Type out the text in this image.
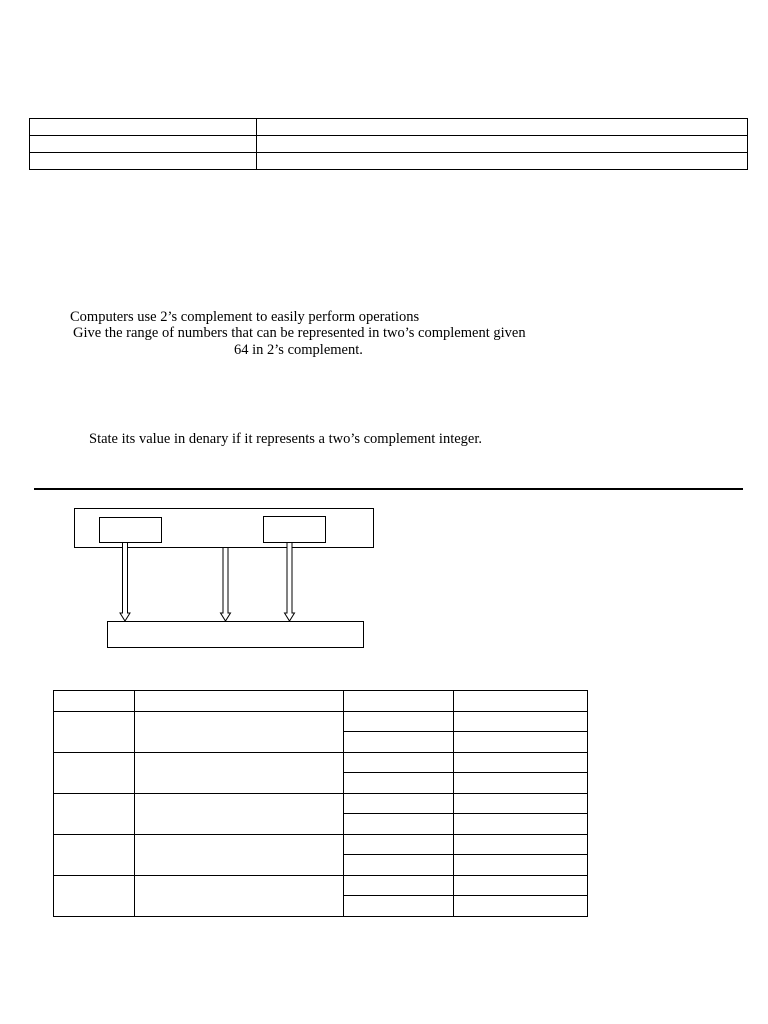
Computers use 2’s complement to easily perform operations
Give the range of numbers that can be represented in two’s complement given
64 in 2’s complement.
State its value in denary if it represents a two’s complement integer.
